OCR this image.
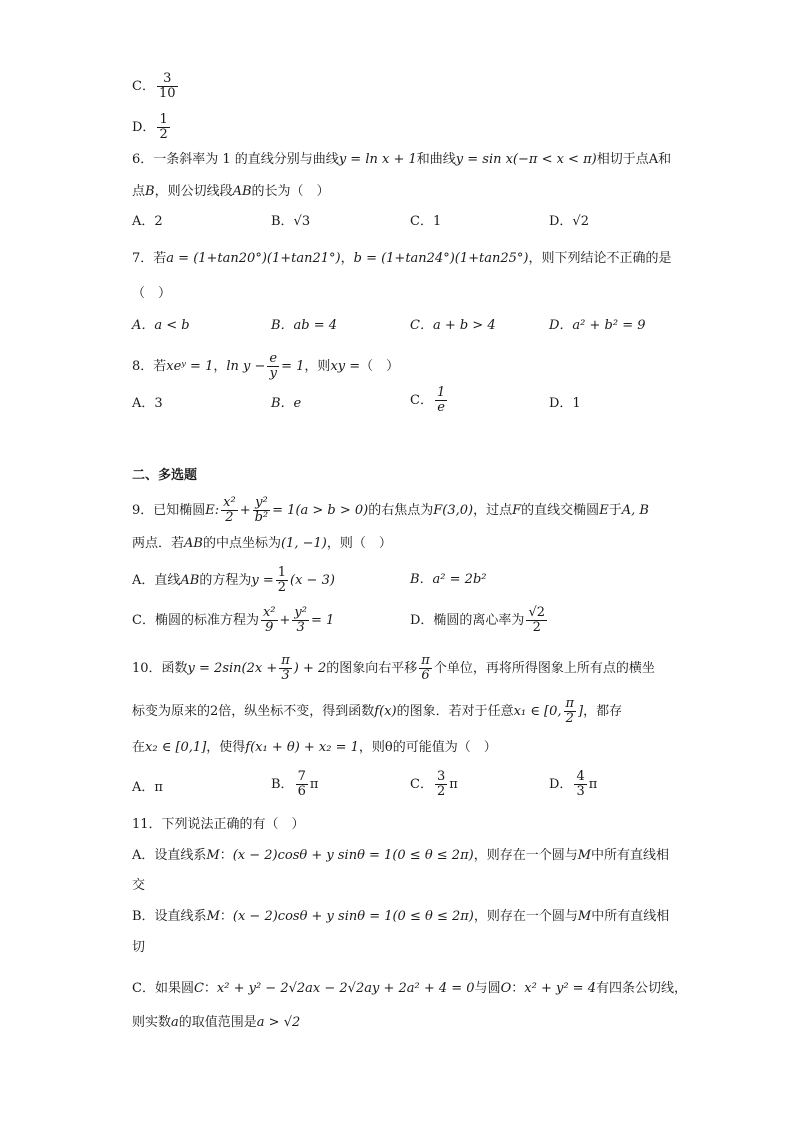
C． $\frac{3}{10}$
D． $\frac{1}{2}$
6．一条斜率为 1 的直线分别与曲线y = ln x + 1和曲线y = sin x(−π < x < π)相切于点A和
点B，则公切线段AB的长为（　）
A．2	B．√3	C．1	D．√2
7．若a = (1+tan20°)(1+tan21°)，b = (1+tan24°)(1+tan25°)，则下列结论不正确的是
（　）
A．a < b	B．ab = 4	C．a + b > 4	D．a² + b² = 9
8．若xeʸ = 1，$\ln y - \frac{e}{y} = 1$，则xy =（　）
A．3	B．e	C． $\frac{1}{e}$	D．1
二、多选题
9．已知椭圆E: $\frac{\text{x²}}{2} + \frac{\text{y²}}{\text{b²}} = 1(a > b > 0)$的右焦点为F(3,0)，过点F的直线交椭圆E于A, B
两点．若AB的中点坐标为(1, −1)，则（　）
A．直线AB的方程为$y = \frac{1}{2} (x - 3)$	B．a² = 2b²
C．椭圆的标准方程为 $\frac{\text{x²}}{9} + \frac{\text{y²}}{3} = 1$	D．椭圆的离心率为 $\frac{√2}{2}$
10．函数$y = 2\sin(2x + \frac{\pi}{3}$ ) + 2的图象向右平移 $\frac{\pi}{6}$ 个单位，再将所得图象上所有点的横坐
标变为原来的2倍，纵坐标不变，得到函数f(x)的图象．若对于任意x₁ ∈ [0, $\frac{\pi}{2}$ ]，都存
在x₂ ∈ [0,1]，使得f(x₁ + θ) + x₂ = 1，则θ的可能值为（　）
A．π	B． $\frac{7}{6}$ π	C． $\frac{3}{2}$ π	D． $\frac{4}{3}$ π
11．下列说法正确的有（　）
A．设直线系M：(x − 2)cosθ + y sinθ = 1(0 ≤ θ ≤ 2π)，则存在一个圆与M中所有直线相
交
B．设直线系M：(x − 2)cosθ + y sinθ = 1(0 ≤ θ ≤ 2π)，则存在一个圆与M中所有直线相
切
C．如果圆C：x² + y² − 2√2ax − 2√2ay + 2a² + 4 = 0与圆O：x² + y² = 4有四条公切线，
则实数a的取值范围是a > √2
